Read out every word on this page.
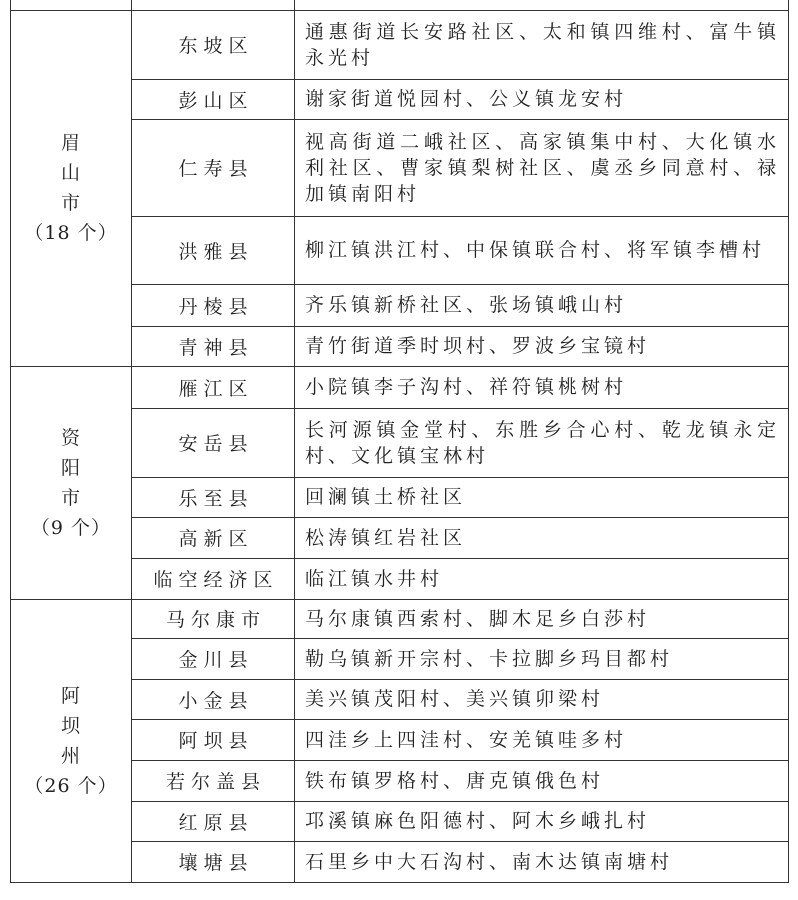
眉
山
市
（18 个）	东坡区	通惠街道长安路社区、太和镇四维村、富牛镇永光村
	彭山区	谢家街道悦园村、公义镇龙安村
	仁寿县	视高街道二峨社区、高家镇集中村、大化镇水利社区、曹家镇梨树社区、虞丞乡同意村、禄加镇南阳村
	洪雅县	柳江镇洪江村、中保镇联合村、将军镇李槽村
	丹棱县	齐乐镇新桥社区、张场镇峨山村
	青神县	青竹街道季时坝村、罗波乡宝镜村

资
阳
市
（9 个）	雁江区	小院镇李子沟村、祥符镇桃树村
	安岳县	长河源镇金堂村、东胜乡合心村、乾龙镇永定村、文化镇宝林村
	乐至县	回澜镇土桥社区
	高新区	松涛镇红岩社区
	临空经济区	临江镇水井村

阿
坝
州
（26 个）	马尔康市	马尔康镇西索村、脚木足乡白莎村
	金川县	勒乌镇新开宗村、卡拉脚乡玛目都村
	小金县	美兴镇茂阳村、美兴镇卯梁村
	阿坝县	四洼乡上四洼村、安羌镇哇多村
	若尔盖县	铁布镇罗格村、唐克镇俄色村
	红原县	邛溪镇麻色阳德村、阿木乡峨扎村
	壤塘县	石里乡中大石沟村、南木达镇南塘村
